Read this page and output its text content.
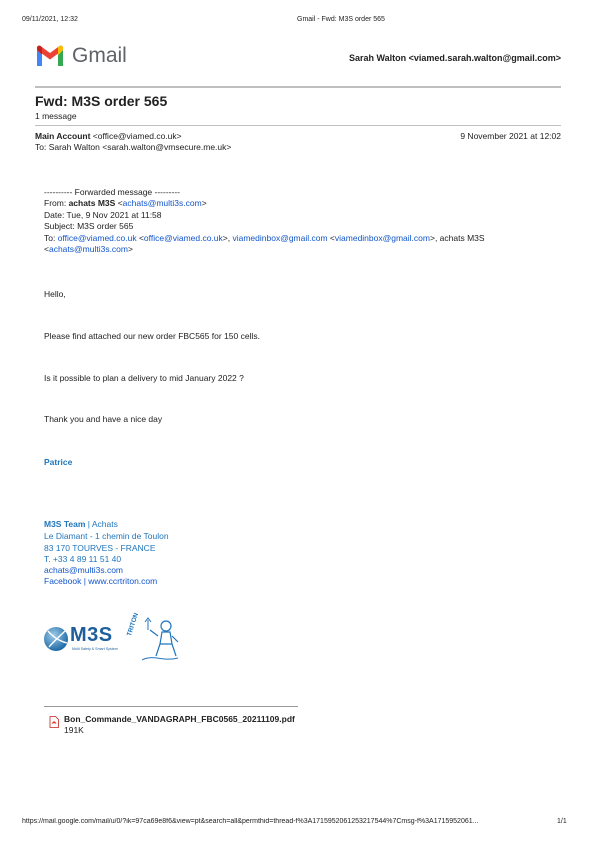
09/11/2021, 12:32	Gmail - Fwd: M3S order 565
Gmail	Sarah Walton <viamed.sarah.walton@gmail.com>
Fwd: M3S order 565
1 message
Main Account <office@viamed.co.uk>	9 November 2021 at 12:02
To: Sarah Walton <sarah.walton@vmsecure.me.uk>
---------- Forwarded message ---------
From: achats M3S <achats@multi3s.com>
Date: Tue, 9 Nov 2021 at 11:58
Subject: M3S order 565
To: office@viamed.co.uk <office@viamed.co.uk>, viamedinbox@gmail.com <viamedinbox@gmail.com>, achats M3S
<achats@multi3s.com>
Hello,
Please find attached our new order FBC565 for 150 cells.
Is it possible to plan a delivery to mid January 2022 ?
Thank you and have a nice day
Patrice
M3S Team | Achats
Le Diamant - 1 chemin de Toulon
83 170 TOURVES - FRANCE
T. +33 4 89 11 51 40
achats@multi3s.com
Facebook | www.ccrtriton.com
M3S
Multi Safety & Smart System
TRITON
Bon_Commande_VANDAGRAPH_FBC0565_20211109.pdf
191K
https://mail.google.com/mail/u/0/?ik=97ca69e8f6&view=pt&search=all&permthid=thread-f%3A1715952061253217544%7Cmsg-f%3A1715952061...	1/1
